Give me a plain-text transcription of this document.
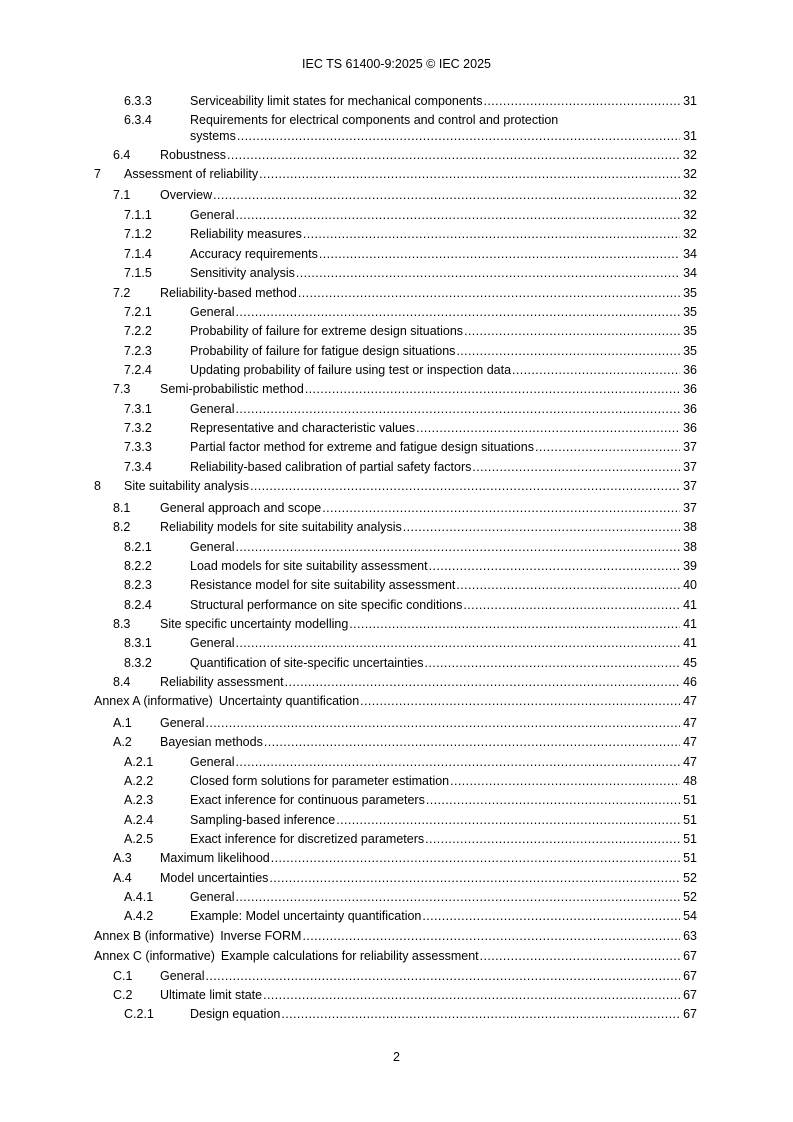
IEC TS 61400-9:2025 © IEC 2025
6.3.3	Serviceability limit states for mechanical components .....	31
6.3.4	Requirements for electrical components and control and protection
systems .....	31
6.4	Robustness .....	32
7	Assessment of reliability .....	32
7.1	Overview .....	32
7.1.1	General .....	32
7.1.2	Reliability measures .....	32
7.1.4	Accuracy requirements .....	34
7.1.5	Sensitivity analysis .....	34
7.2	Reliability-based method .....	35
7.2.1	General .....	35
7.2.2	Probability of failure for extreme design situations .....	35
7.2.3	Probability of failure for fatigue design situations .....	35
7.2.4	Updating probability of failure using test or inspection data .....	36
7.3	Semi-probabilistic method .....	36
7.3.1	General .....	36
7.3.2	Representative and characteristic values .....	36
7.3.3	Partial factor method for extreme and fatigue design situations .....	37
7.3.4	Reliability-based calibration of partial safety factors .....	37
8	Site suitability analysis .....	37
8.1	General approach and scope .....	37
8.2	Reliability models for site suitability analysis .....	38
8.2.1	General .....	38
8.2.2	Load models for site suitability assessment .....	39
8.2.3	Resistance model for site suitability assessment .....	40
8.2.4	Structural performance on site specific conditions .....	41
8.3	Site specific uncertainty modelling .....	41
8.3.1	General .....	41
8.3.2	Quantification of site-specific uncertainties .....	45
8.4	Reliability assessment .....	46
Annex A (informative) Uncertainty quantification .....	47
A.1	General .....	47
A.2	Bayesian methods .....	47
A.2.1	General .....	47
A.2.2	Closed form solutions for parameter estimation .....	48
A.2.3	Exact inference for continuous parameters .....	51
A.2.4	Sampling-based inference .....	51
A.2.5	Exact inference for discretized parameters .....	51
A.3	Maximum likelihood .....	51
A.4	Model uncertainties .....	52
A.4.1	General .....	52
A.4.2	Example: Model uncertainty quantification .....	54
Annex B (informative) Inverse FORM .....	63
Annex C (informative) Example calculations for reliability assessment .....	67
C.1	General .....	67
C.2	Ultimate limit state .....	67
C.2.1	Design equation .....	67
2
